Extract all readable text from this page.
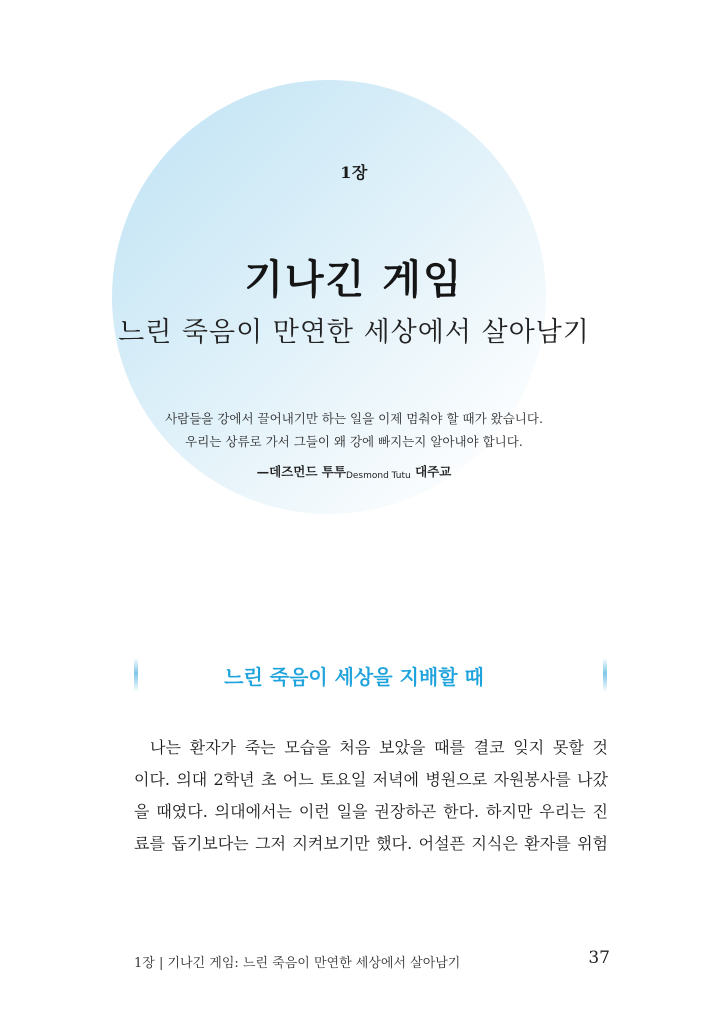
1장
기나긴 게임
느린 죽음이 만연한 세상에서 살아남기
사람들을 강에서 끌어내기만 하는 일을 이제 멈춰야 할 때가 왔습니다.
우리는 상류로 가서 그들이 왜 강에 빠지는지 알아내야 합니다.
—데즈먼드 투투Desmond Tutu 대주교
느린 죽음이 세상을 지배할 때
나는 환자가 죽는 모습을 처음 보았을 때를 결코 잊지 못할 것
이다. 의대 2학년 초 어느 토요일 저녁에 병원으로 자원봉사를 나갔
을 때였다. 의대에서는 이런 일을 권장하곤 한다. 하지만 우리는 진
료를 돕기보다는 그저 지켜보기만 했다. 어설픈 지식은 환자를 위험
1장 | 기나긴 게임: 느린 죽음이 만연한 세상에서 살아남기	37
